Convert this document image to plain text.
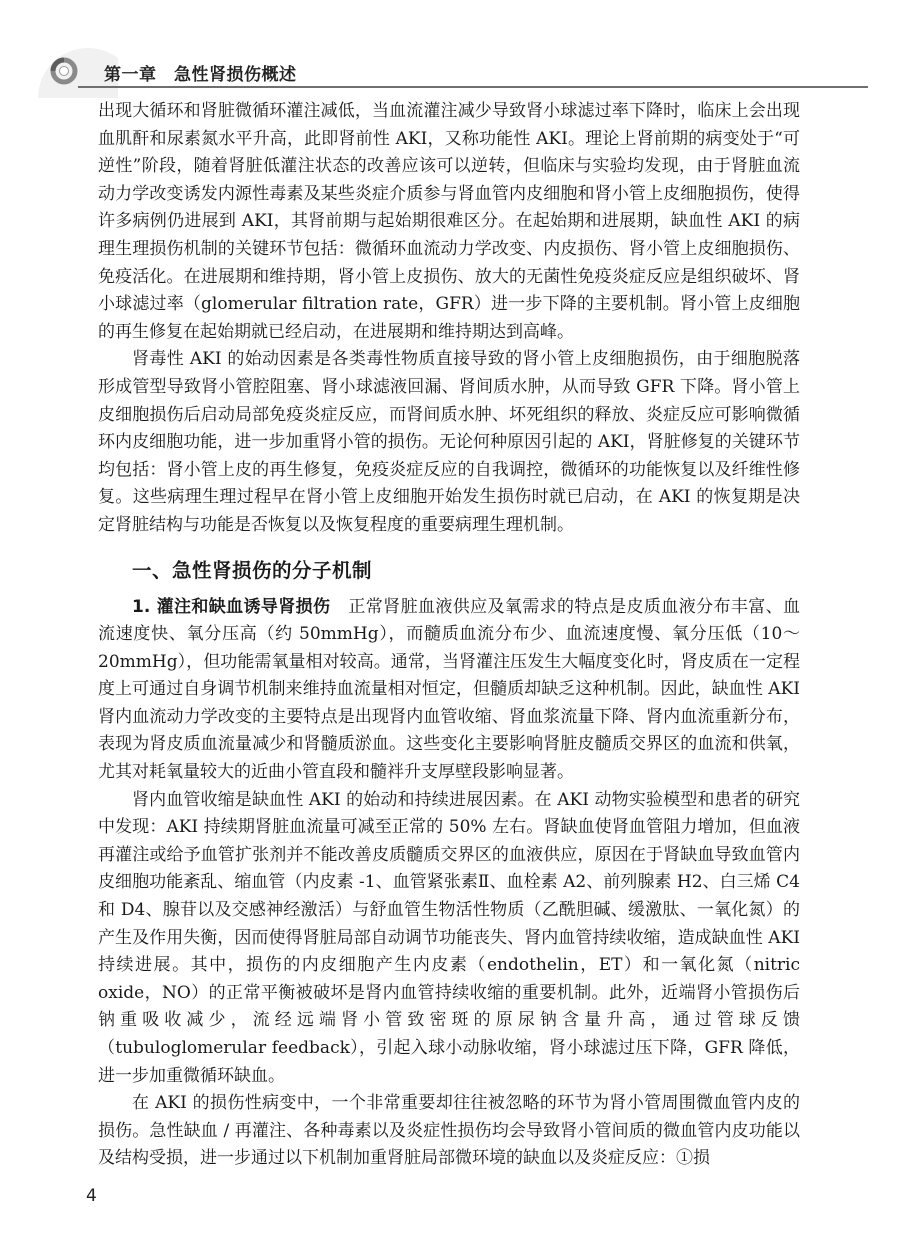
第一章　急性肾损伤概述

出现大循环和肾脏微循环灌注减低，当血流灌注减少导致肾小球滤过率下降时，临床上会出现血肌酐和尿素氮水平升高，此即肾前性 AKI，又称功能性 AKI。理论上肾前期的病变处于“可逆性”阶段，随着肾脏低灌注状态的改善应该可以逆转，但临床与实验均发现，由于肾脏血流动力学改变诱发内源性毒素及某些炎症介质参与肾血管内皮细胞和肾小管上皮细胞损伤，使得许多病例仍进展到 AKI，其肾前期与起始期很难区分。在起始期和进展期，缺血性 AKI 的病理生理损伤机制的关键环节包括：微循环血流动力学改变、内皮损伤、肾小管上皮细胞损伤、免疫活化。在进展期和维持期，肾小管上皮损伤、放大的无菌性免疫炎症反应是组织破坏、肾小球滤过率（glomerular filtration rate，GFR）进一步下降的主要机制。肾小管上皮细胞的再生修复在起始期就已经启动，在进展期和维持期达到高峰。

肾毒性 AKI 的始动因素是各类毒性物质直接导致的肾小管上皮细胞损伤，由于细胞脱落形成管型导致肾小管腔阻塞、肾小球滤液回漏、肾间质水肿，从而导致 GFR 下降。肾小管上皮细胞损伤后启动局部免疫炎症反应，而肾间质水肿、坏死组织的释放、炎症反应可影响微循环内皮细胞功能，进一步加重肾小管的损伤。无论何种原因引起的 AKI，肾脏修复的关键环节均包括：肾小管上皮的再生修复，免疫炎症反应的自我调控，微循环的功能恢复以及纤维性修复。这些病理生理过程早在肾小管上皮细胞开始发生损伤时就已启动，在 AKI 的恢复期是决定肾脏结构与功能是否恢复以及恢复程度的重要病理生理机制。

一、急性肾损伤的分子机制

1. 灌注和缺血诱导肾损伤 正常肾脏血液供应及氧需求的特点是皮质血液分布丰富、血流速度快、氧分压高（约 50mmHg），而髓质血流分布少、血流速度慢、氧分压低（10～20mmHg），但功能需氧量相对较高。通常，当肾灌注压发生大幅度变化时，肾皮质在一定程度上可通过自身调节机制来维持血流量相对恒定，但髓质却缺乏这种机制。因此，缺血性 AKI 肾内血流动力学改变的主要特点是出现肾内血管收缩、肾血浆流量下降、肾内血流重新分布，表现为肾皮质血流量减少和肾髓质淤血。这些变化主要影响肾脏皮髓质交界区的血流和供氧，尤其对耗氧量较大的近曲小管直段和髓袢升支厚壁段影响显著。

肾内血管收缩是缺血性 AKI 的始动和持续进展因素。在 AKI 动物实验模型和患者的研究中发现：AKI 持续期肾脏血流量可减至正常的 50% 左右。肾缺血使肾血管阻力增加，但血液再灌注或给予血管扩张剂并不能改善皮质髓质交界区的血液供应，原因在于肾缺血导致血管内皮细胞功能紊乱、缩血管（内皮素 -1、血管紧张素Ⅱ、血栓素 A2、前列腺素 H2、白三烯 C4 和 D4、腺苷以及交感神经激活）与舒血管生物活性物质（乙酰胆碱、缓激肽、一氧化氮）的产生及作用失衡，因而使得肾脏局部自动调节功能丧失、肾内血管持续收缩，造成缺血性 AKI 持续进展。其中，损伤的内皮细胞产生内皮素（endothelin，ET）和一氧化氮（nitric oxide，NO）的正常平衡被破坏是肾内血管持续收缩的重要机制。此外，近端肾小管损伤后钠重吸收减少，流经远端肾小管致密斑的原尿钠含量升高，通过管球反馈（tubuloglomerular feedback），引起入球小动脉收缩，肾小球滤过压下降，GFR 降低，进一步加重微循环缺血。

在 AKI 的损伤性病变中，一个非常重要却往往被忽略的环节为肾小管周围微血管内皮的损伤。急性缺血 / 再灌注、各种毒素以及炎症性损伤均会导致肾小管间质的微血管内皮功能以及结构受损，进一步通过以下机制加重肾脏局部微环境的缺血以及炎症反应：①损

4
